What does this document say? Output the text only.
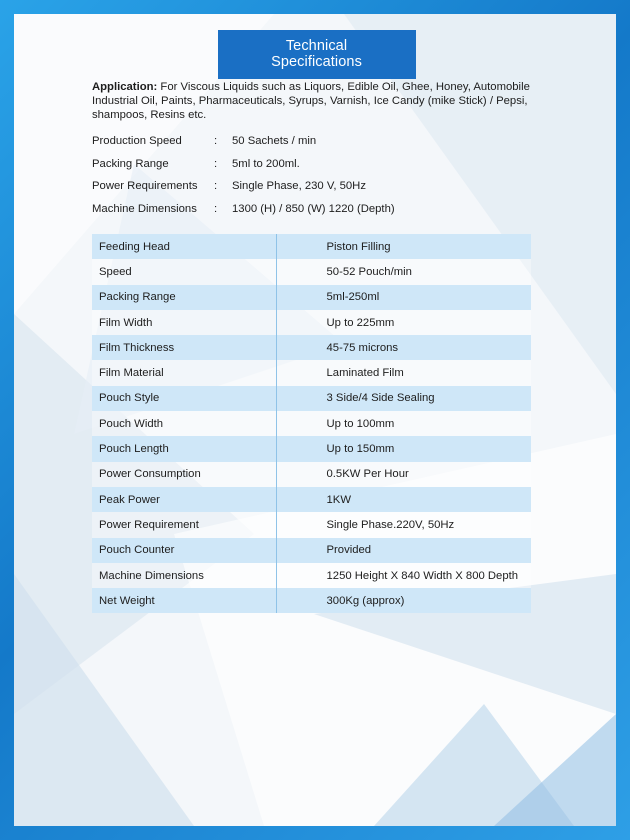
Technical Specifications

Application: For Viscous Liquids such as Liquors, Edible Oil, Ghee, Honey, Automobile Industrial Oil, Paints, Pharmaceuticals, Syrups, Varnish, Ice Candy (mike Stick) / Pepsi, shampoos, Resins etc.

Production Speed	:	50 Sachets / min
Packing Range	:	5ml to 200ml.
Power Requirements	:	Single Phase, 230 V, 50Hz
Machine Dimensions	:	1300 (H) / 850 (W) 1220 (Depth)
Feeding Head	Piston Filling
Speed	50-52 Pouch/min
Packing Range	5ml-250ml
Film Width	Up to 225mm
Film Thickness	45-75 microns
Film Material	Laminated Film
Pouch Style	3 Side/4 Side Sealing
Pouch Width	Up to 100mm
Pouch Length	Up to 150mm
Power Consumption	0.5KW Per Hour
Peak Power	1KW
Power Requirement	Single Phase.220V, 50Hz
Pouch Counter	Provided
Machine Dimensions	1250 Height X 840 Width X 800 Depth
Net Weight	300Kg (approx)
